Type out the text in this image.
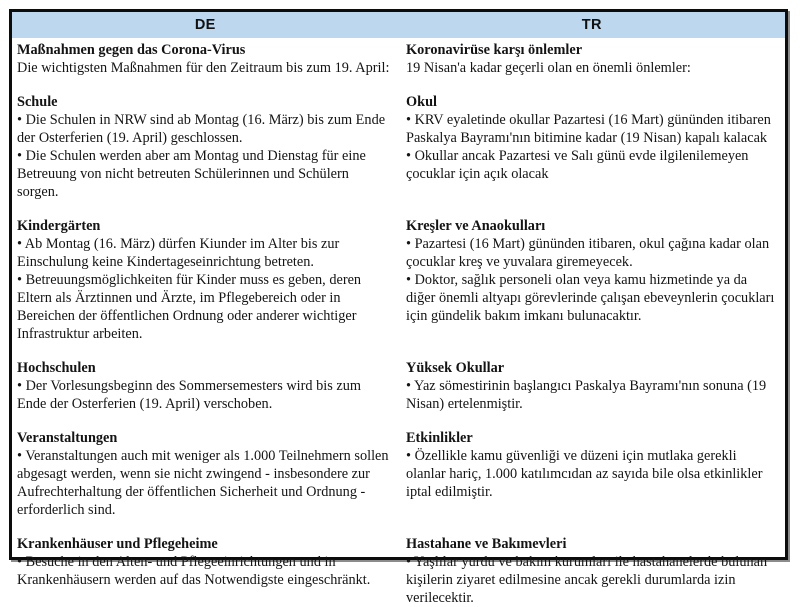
DE	TR

Maßnahmen gegen das Corona-Virus

Die wichtigsten Maßnahmen für den Zeitraum bis zum 19. April:

Koronavirüse karşı önlemler

19 Nisan'a kadar geçerli olan en önemli önlemler:

Schule

• Die Schulen in NRW sind ab Montag (16. März) bis zum Ende der Osterferien (19. April) geschlossen.

• Die Schulen werden aber am Montag und Dienstag für eine Betreuung von nicht betreuten Schülerinnen und Schülern sorgen.

Okul

• KRV eyaletinde okullar Pazartesi (16 Mart) gününden itibaren Paskalya Bayramı'nın bitimine kadar (19 Nisan) kapalı kalacak

• Okullar ancak Pazartesi ve Salı günü evde ilgilenilemeyen çocuklar için açık olacak

Kindergärten

• Ab Montag (16. März) dürfen Kiunder im Alter bis zur Einschulung keine Kindertageseinrichtung betreten.

• Betreuungsmöglichkeiten für Kinder muss es geben, deren Eltern als Ärztinnen und Ärzte, im Pflegebereich oder in Bereichen der öffentlichen Ordnung oder anderer wichtiger Infrastruktur arbeiten.

Kreşler ve Anaokulları

• Pazartesi (16 Mart) gününden itibaren, okul çağına kadar olan çocuklar kreş ve yuvalara giremeyecek.

• Doktor, sağlık personeli olan veya kamu hizmetinde ya da diğer önemli altyapı görevlerinde çalışan ebeveynlerin çocukları için gündelik bakım imkanı bulunacaktır.

Hochschulen

• Der Vorlesungsbeginn des Sommersemesters wird bis zum Ende der Osterferien (19. April) verschoben.

Yüksek Okullar

• Yaz sömestirinin başlangıcı Paskalya Bayramı'nın sonuna (19 Nisan) ertelenmiştir.

Veranstaltungen

• Veranstaltungen auch mit weniger als 1.000 Teilnehmern sollen abgesagt werden, wenn sie nicht zwingend - insbesondere zur Aufrechterhaltung der öffentlichen Sicherheit und Ordnung - erforderlich sind.

Etkinlikler

• Özellikle kamu güvenliği ve düzeni için mutlaka gerekli olanlar hariç, 1.000 katılımcıdan az sayıda bile olsa etkinlikler iptal edilmiştir.

Krankenhäuser und Pflegeheime

• Besuche in den Alten- und Pflegeeinrichtungen und in Krankenhäusern werden auf das Notwendigste eingeschränkt.

Hastahane ve Bakımevleri

• Yaşlılar yurdu ve bakım kurumları ile hastahanelerde bulunan kişilerin ziyaret edilmesine ancak gerekli durumlarda izin verilecektir.
